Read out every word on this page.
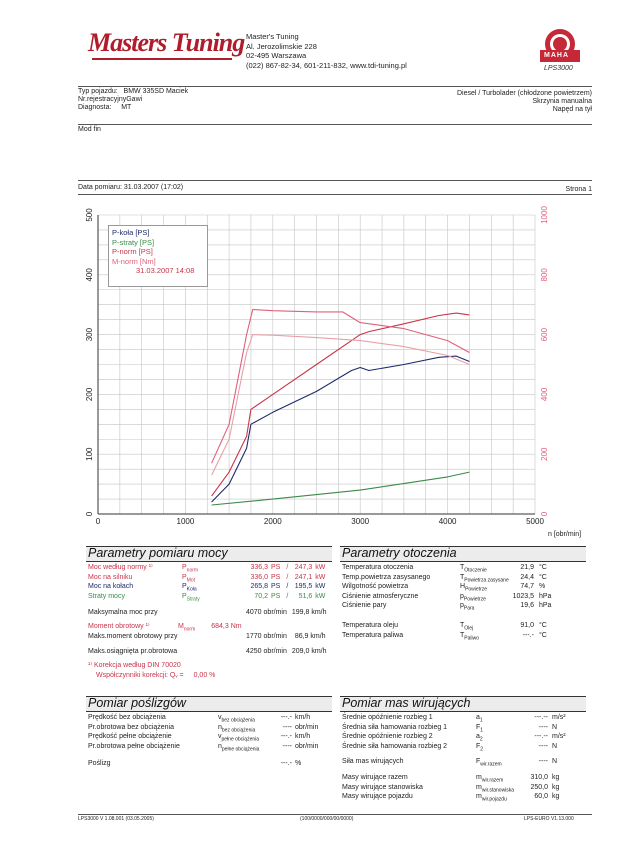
Masters Tuning Master's Tuning
Al. Jerozolimskie 228
02-495 Warszawa
(022) 867-82-34, 601-211-832, www.tdi-tuning.pl
MAHA
LPS3000
Typ pojazdu: BMW 335SD Maciek
Nr.rejestracyjnyGawi
Diagnosta: MT
Diesel / Turbolader (chłodzone powietrzem)
Skrzynia manualna
Napęd na tył
Mod fin
Data pomiaru: 31.03.2007 (17:02)	Strona 1
0	1000	2000	3000	4000	5000
0
100
200
300
400
500
0
200
400
600
800
1000
n [obr/min]
P-koła [PS]
P-straty [PS]
P-norm [PS]
M-norm [Nm]
31.03.2007 14:08
Parametry pomiaru mocy
Moc według normy ¹⁾	$P_{norm}$	336,3 PS / 247,3 kW
Moc na silniku	$P_{Mot}$	336,0 PS / 247,1 kW
Moc na kołach	$P_{Koła}$	265,8 PS / 195,5 kW
Straty mocy	$P_{Straty}$	70,2 PS / 51,6 kW
Maksymalna moc przy	4070 obr/min 199,8 km/h
Moment obrotowy ¹⁾	$M_{norm}$ 684,3 Nm
Maks.moment obrotowy przy	1770 obr/min 86,9 km/h
Maks.osiągnięta pr.obrotowa	4250 obr/min 209,0 km/h
¹⁾ Korekcja według DIN 70020
Współczynniki korekcji: Qᵥ = 0,00 %
Parametry otoczenia
Temperatura otoczenia	$T_{Otoczenie}$	21,9 °C
Temp.powietrza zasysanego	$T_{Powietrza zasysane}$	24,4 °C
Wilgotność powietrza	$H_{Powietrze}$	74,7 %
Ciśnienie atmosferyczne	$p_{Powietrze}$	1023,5 hPa
Ciśnienie pary	$p_{Para}$	19,6 hPa
Temperatura oleju	$T_{Olej}$	91,0 °C
Temperatura paliwa	$T_{Paliwo}$	---.- °C
Pomiar poślizgów
Prędkość bez obciążenia	$v_{bez obciążenia}$	---.- km/h
Pr.obrotowa bez obciążenia	$n_{bez obciążenia}$	---- obr/min
Prędkość pełne obciążenie	$v_{pełne obciążenia}$	---.- km/h
Pr.obrotowa pełne obciążenie	$n_{pełne obciążenia}$	---- obr/min
Poślizg	---.- %
Pomiar mas wirujących
Średnie opóźnienie rozbieg 1	$a_1$	---.-- m/s²
Średnia siła hamowania rozbieg 1	$F_1$	---- N
Średnie opóźnienie rozbieg 2	$a_2$	---.-- m/s²
Średnie siła hamowania rozbieg 2	$F_2$	---- N
Siła mas wirujących	$F_{wir.razem}$	---- N
Masy wirujące razem	$m_{wir.razem}$	310,0 kg
Masy wirujące stanowiska	$m_{wir.stanowiska}$	250,0 kg
Masy wirujące pojazdu	$m_{wir.pojazdu}$	60,0 kg
LPS3000 V 1.08.001 (03.05.2005)	(100/0000/000/00/0000)	LPS-EURO V1.13.000
